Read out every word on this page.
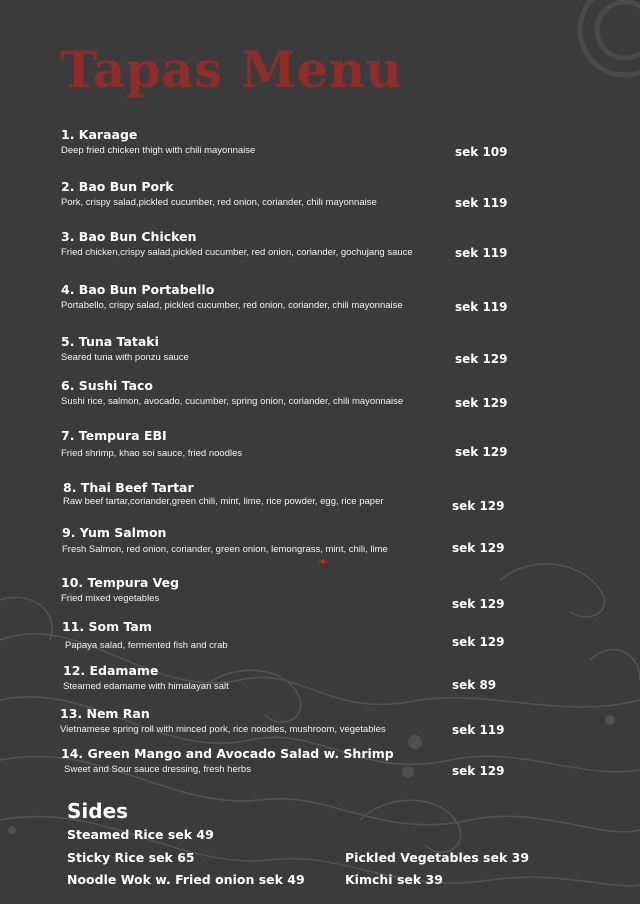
Tapas Menu
1. Karaage
Deep fried chicken thigh with chili mayonnaise	sek 109
2. Bao Bun Pork
Pork, crispy salad,pickled cucumber, red onion, coriander, chili mayonnaise	sek 119
3. Bao Bun Chicken
Fried chicken,crispy salad,pickled cucumber, red onion, coriander, gochujang sauce	sek 119
4. Bao Bun Portabello
Portabello, crispy salad, pickled cucumber, red onion, coriander, chili mayonnaise	sek 119
5. Tuna Tataki
Seared tuna with ponzu sauce	sek 129
6. Sushi Taco
Sushi rice, salmon, avocado, cucumber, spring onion, coriander, chili mayonnaise	sek 129
7. Tempura EBI
Fried shrimp, khao soi sauce, fried noodles	sek 129
8. Thai Beef Tartar
Raw beef tartar,coriander,green chili, mint, lime, rice powder, egg, rice paper	sek 129
9. Yum Salmon
Fresh Salmon, red onion, coriander, green onion, lemongrass, mint, chili, lime	sek 129
❧
10. Tempura Veg
Fried mixed vegetables	sek 129
11. Som Tam
Papaya salad, fermented fish and crab	sek 129
12. Edamame
Steamed edamame with himalayan salt	sek 89
13. Nem Ran
Vietnamese spring roll with minced pork, rice noodles, mushroom, vegetables	sek 119
14. Green Mango and Avocado Salad w. Shrimp
Sweet and Sour sauce dressing, fresh herbs	sek 129
Sides
Steamed Rice sek 49
Sticky Rice sek 65
Noodle Wok w. Fried onion sek 49
Pickled Vegetables sek 39
Kimchi sek 39
